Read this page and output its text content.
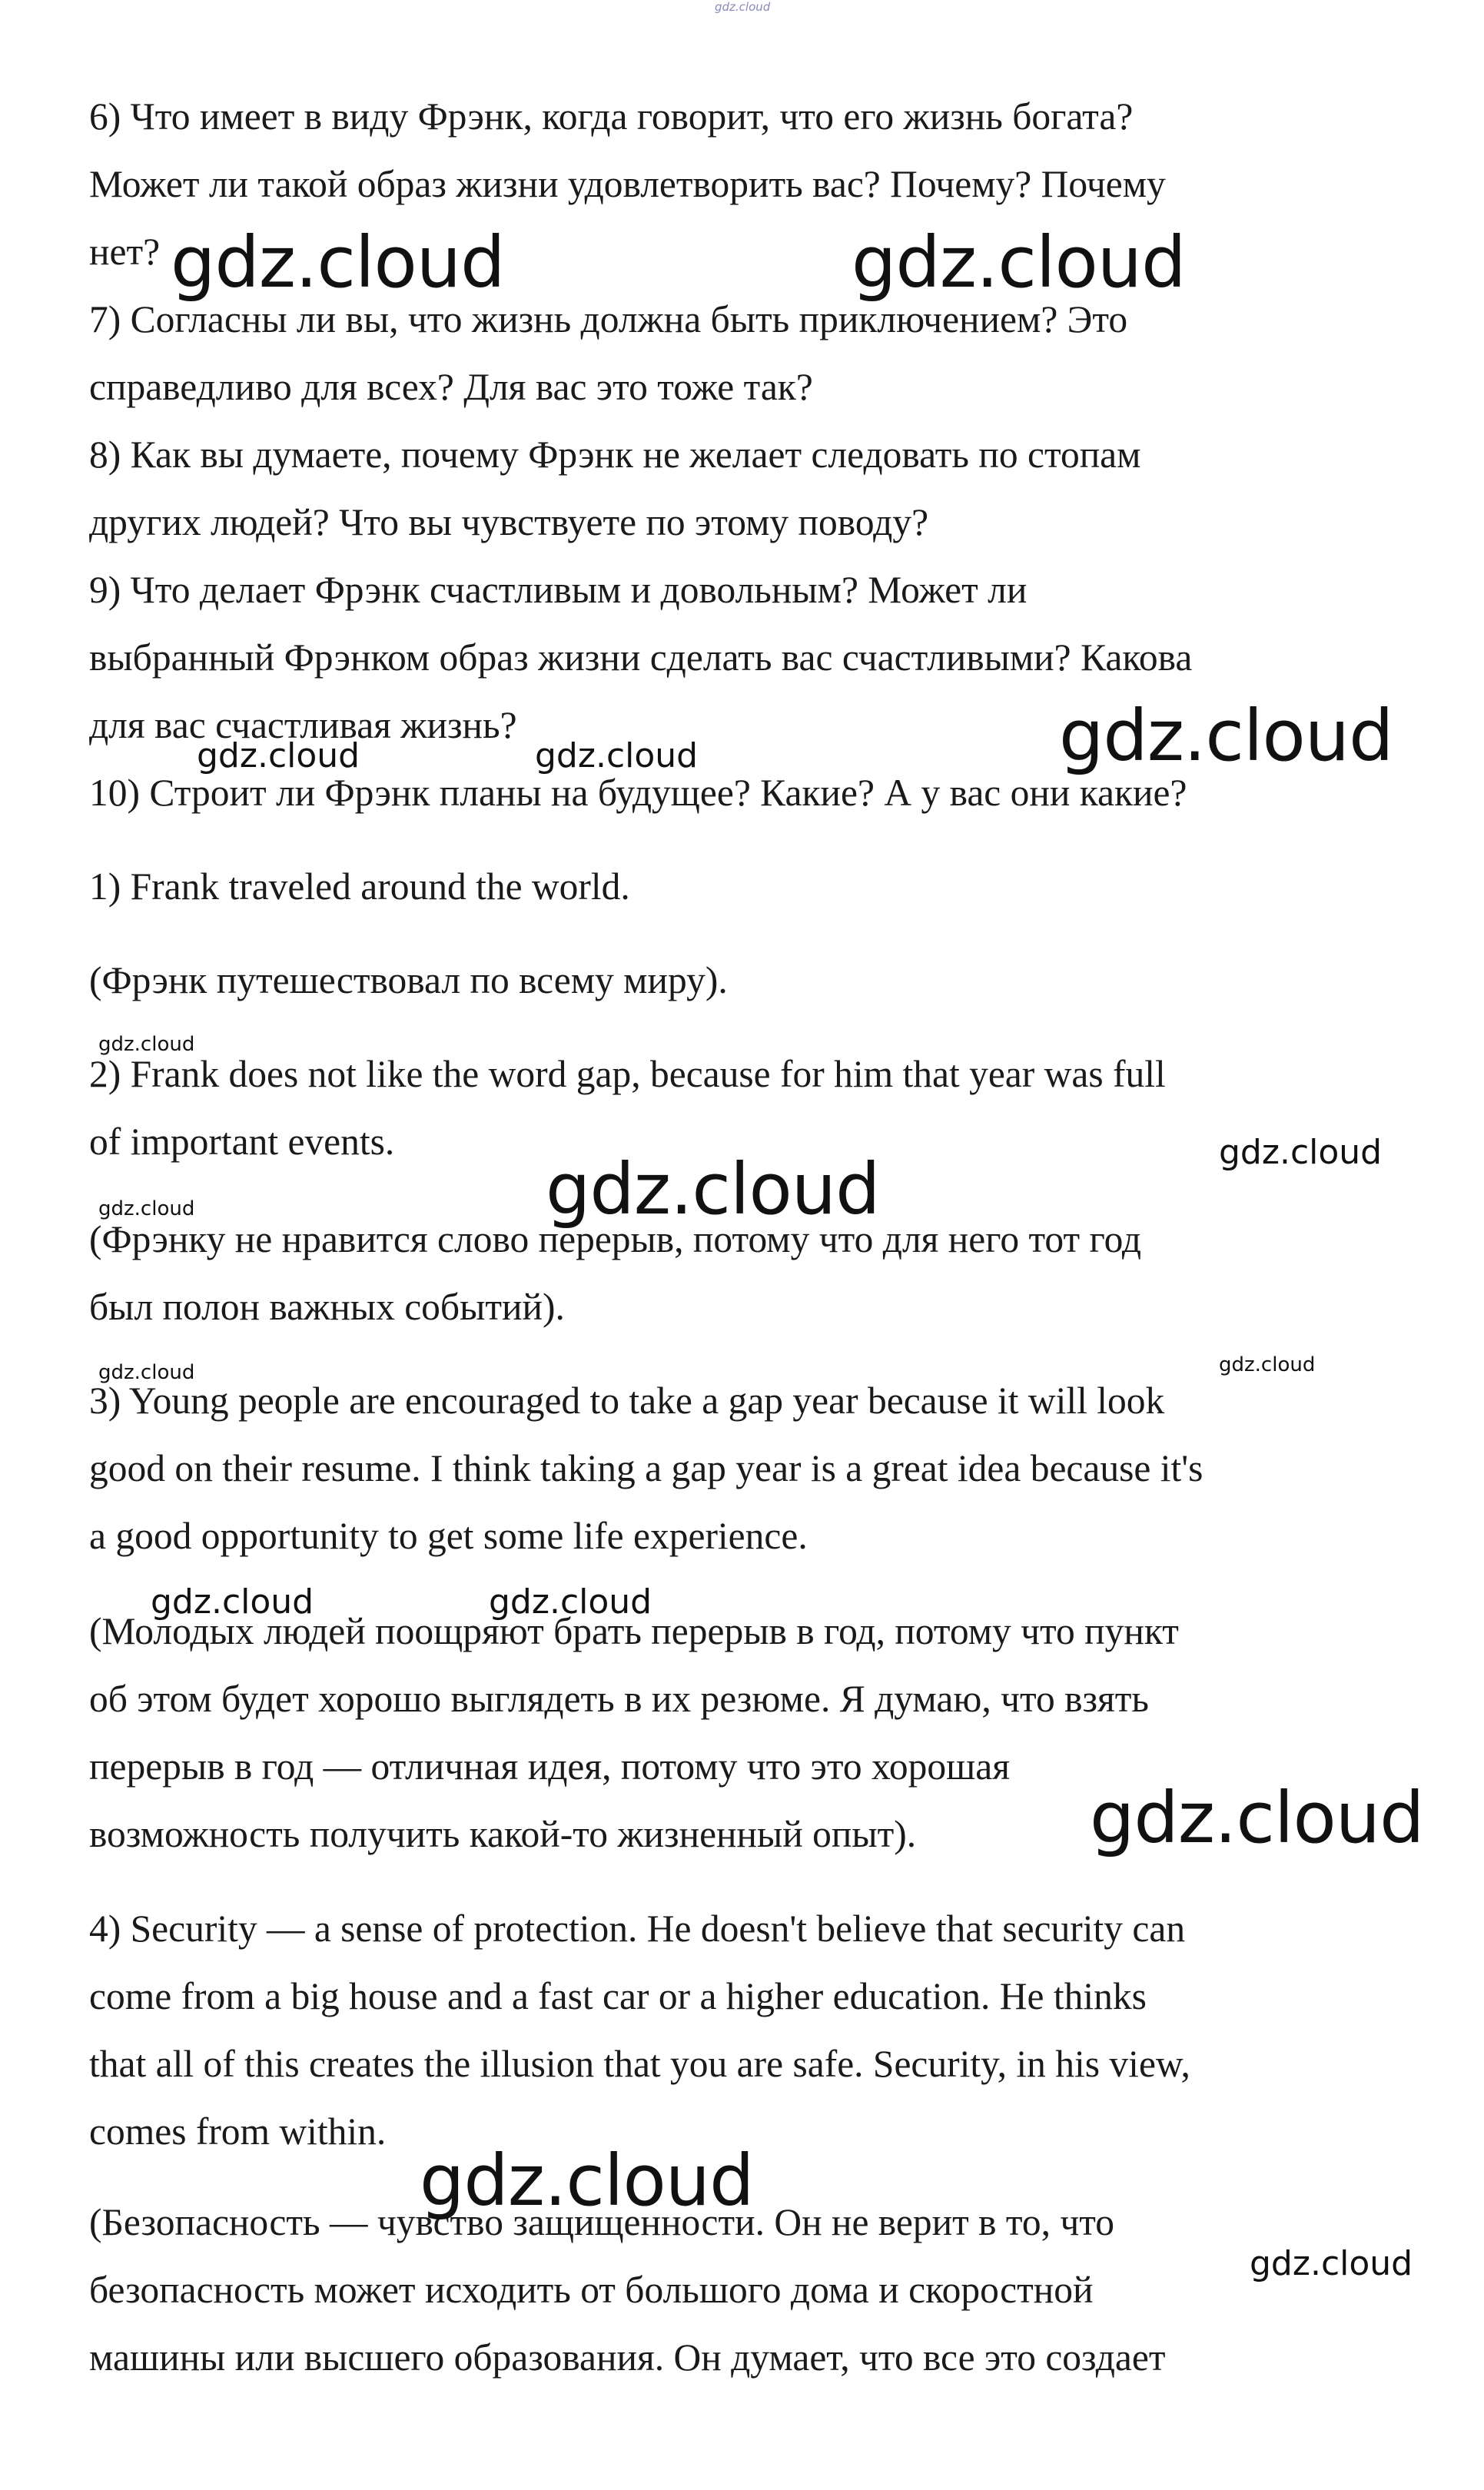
gdz.cloud

6) Что имеет в виду Фрэнк, когда говорит, что его жизнь богата?

Может ли такой образ жизни удовлетворить вас? Почему? Почему

нет?

7) Согласны ли вы, что жизнь должна быть приключением? Это

справедливо для всех? Для вас это тоже так?

8) Как вы думаете, почему Фрэнк не желает следовать по стопам

других людей? Что вы чувствуете по этому поводу?

9) Что делает Фрэнк счастливым и довольным? Может ли

выбранный Фрэнком образ жизни сделать вас счастливыми? Какова

для вас счастливая жизнь?

10) Строит ли Фрэнк планы на будущее? Какие? А у вас они какие?

1) Frank traveled around the world.

(Фрэнк путешествовал по всему миру).

2) Frank does not like the word gap, because for him that year was full

of important events.

(Фрэнку не нравится слово перерыв, потому что для него тот год

был полон важных событий).

3) Young people are encouraged to take a gap year because it will look

good on their resume. I think taking a gap year is a great idea because it's

a good opportunity to get some life experience.

(Молодых людей поощряют брать перерыв в год, потому что пункт

об этом будет хорошо выглядеть в их резюме. Я думаю, что взять

перерыв в год — отличная идея, потому что это хорошая

возможность получить какой-то жизненный опыт).

4) Security — a sense of protection. He doesn't believe that security can

come from a big house and a fast car or a higher education. He thinks

that all of this creates the illusion that you are safe. Security, in his view,

comes from within.

(Безопасность — чувство защищенности. Он не верит в то, что

безопасность может исходить от большого дома и скоростной

машины или высшего образования. Он думает, что все это создает

gdz.cloud	gdz.cloud
gdz.cloud	gdz.cloud	gdz.cloud
gdz.cloud
gdz.cloud
gdz.cloud
gdz.cloud
gdz.cloud	gdz.cloud
gdz.cloud	gdz.cloud
gdz.cloud
gdz.cloud
gdz.cloud
